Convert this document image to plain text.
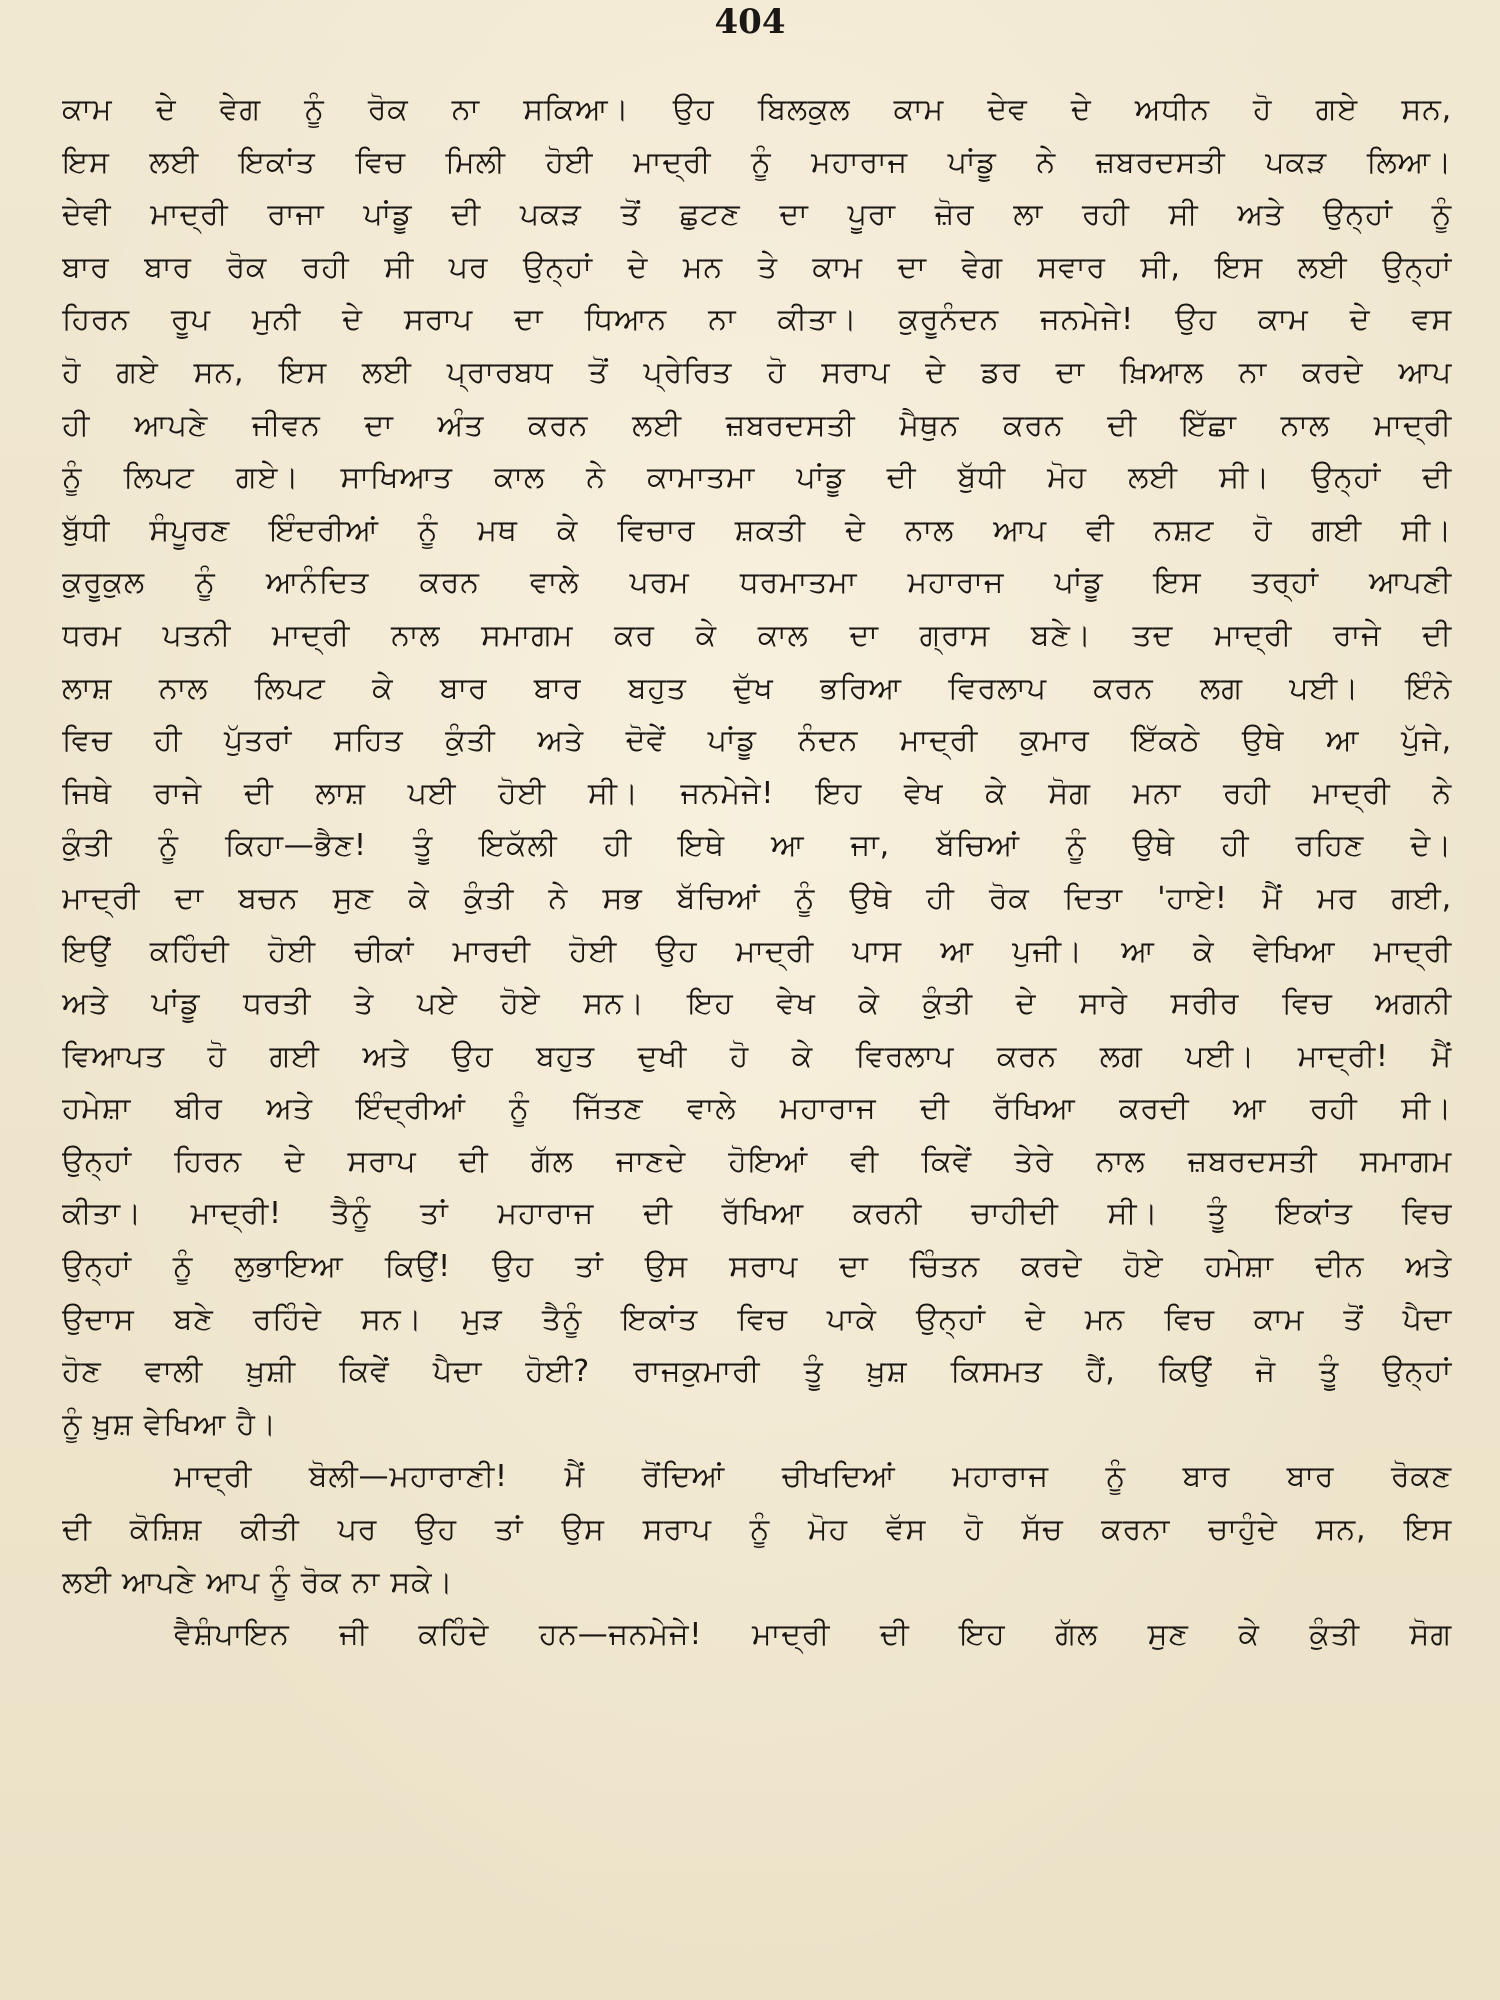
404
ਕਾਮ ਦੇ ਵੇਗ ਨੂੰ ਰੋਕ ਨਾ ਸਕਿਆ। ਉਹ ਬਿਲਕੁਲ ਕਾਮ ਦੇਵ ਦੇ ਅਧੀਨ ਹੋ ਗਏ ਸਨ,
ਇਸ ਲਈ ਇਕਾਂਤ ਵਿਚ ਮਿਲੀ ਹੋਈ ਮਾਦ੍ਰੀ ਨੂੰ ਮਹਾਰਾਜ ਪਾਂਡੂ ਨੇ ਜ਼ਬਰਦਸਤੀ ਪਕੜ ਲਿਆ।
ਦੇਵੀ ਮਾਦ੍ਰੀ ਰਾਜਾ ਪਾਂਡੂ ਦੀ ਪਕੜ ਤੋਂ ਛੁਟਣ ਦਾ ਪੂਰਾ ਜ਼ੋਰ ਲਾ ਰਹੀ ਸੀ ਅਤੇ ਉਨ੍ਹਾਂ ਨੂੰ
ਬਾਰ ਬਾਰ ਰੋਕ ਰਹੀ ਸੀ ਪਰ ਉਨ੍ਹਾਂ ਦੇ ਮਨ ਤੇ ਕਾਮ ਦਾ ਵੇਗ ਸਵਾਰ ਸੀ, ਇਸ ਲਈ ਉਨ੍ਹਾਂ
ਹਿਰਨ ਰੂਪ ਮੁਨੀ ਦੇ ਸਰਾਪ ਦਾ ਧਿਆਨ ਨਾ ਕੀਤਾ। ਕੁਰੂਨੰਦਨ ਜਨਮੇਜੇ! ਉਹ ਕਾਮ ਦੇ ਵਸ
ਹੋ ਗਏ ਸਨ, ਇਸ ਲਈ ਪ੍ਰਾਰਬਧ ਤੋਂ ਪ੍ਰੇਰਿਤ ਹੋ ਸਰਾਪ ਦੇ ਡਰ ਦਾ ਖ਼ਿਆਲ ਨਾ ਕਰਦੇ ਆਪ
ਹੀ ਆਪਣੇ ਜੀਵਨ ਦਾ ਅੰਤ ਕਰਨ ਲਈ ਜ਼ਬਰਦਸਤੀ ਮੈਥੁਨ ਕਰਨ ਦੀ ਇੱਛਾ ਨਾਲ ਮਾਦ੍ਰੀ
ਨੂੰ ਲਿਪਟ ਗਏ। ਸਾਖਿਆਤ ਕਾਲ ਨੇ ਕਾਮਾਤਮਾ ਪਾਂਡੂ ਦੀ ਬੁੱਧੀ ਮੋਹ ਲਈ ਸੀ। ਉਨ੍ਹਾਂ ਦੀ
ਬੁੱਧੀ ਸੰਪੂਰਣ ਇੰਦਰੀਆਂ ਨੂੰ ਮਥ ਕੇ ਵਿਚਾਰ ਸ਼ਕਤੀ ਦੇ ਨਾਲ ਆਪ ਵੀ ਨਸ਼ਟ ਹੋ ਗਈ ਸੀ।
ਕੁਰੂਕੁਲ ਨੂੰ ਆਨੰਦਿਤ ਕਰਨ ਵਾਲੇ ਪਰਮ ਧਰਮਾਤਮਾ ਮਹਾਰਾਜ ਪਾਂਡੂ ਇਸ ਤਰ੍ਹਾਂ ਆਪਣੀ
ਧਰਮ ਪਤਨੀ ਮਾਦ੍ਰੀ ਨਾਲ ਸਮਾਗਮ ਕਰ ਕੇ ਕਾਲ ਦਾ ਗ੍ਰਾਸ ਬਣੇ। ਤਦ ਮਾਦ੍ਰੀ ਰਾਜੇ ਦੀ
ਲਾਸ਼ ਨਾਲ ਲਿਪਟ ਕੇ ਬਾਰ ਬਾਰ ਬਹੁਤ ਦੁੱਖ ਭਰਿਆ ਵਿਰਲਾਪ ਕਰਨ ਲਗ ਪਈ। ਇੰਨੇ
ਵਿਚ ਹੀ ਪੁੱਤਰਾਂ ਸਹਿਤ ਕੁੰਤੀ ਅਤੇ ਦੋਵੇਂ ਪਾਂਡੂ ਨੰਦਨ ਮਾਦ੍ਰੀ ਕੁਮਾਰ ਇੱਕਠੇ ਉਥੇ ਆ ਪੁੱਜੇ,
ਜਿਥੇ ਰਾਜੇ ਦੀ ਲਾਸ਼ ਪਈ ਹੋਈ ਸੀ। ਜਨਮੇਜੇ! ਇਹ ਵੇਖ ਕੇ ਸੋਗ ਮਨਾ ਰਹੀ ਮਾਦ੍ਰੀ ਨੇ
ਕੁੰਤੀ ਨੂੰ ਕਿਹਾ—ਭੈਣ! ਤੂੰ ਇਕੱਲੀ ਹੀ ਇਥੇ ਆ ਜਾ, ਬੱਚਿਆਂ ਨੂੰ ਉਥੇ ਹੀ ਰਹਿਣ ਦੇ।
ਮਾਦ੍ਰੀ ਦਾ ਬਚਨ ਸੁਣ ਕੇ ਕੁੰਤੀ ਨੇ ਸਭ ਬੱਚਿਆਂ ਨੂੰ ਉਥੇ ਹੀ ਰੋਕ ਦਿਤਾ 'ਹਾਏ! ਮੈਂ ਮਰ ਗਈ,
ਇਉਂ ਕਹਿੰਦੀ ਹੋਈ ਚੀਕਾਂ ਮਾਰਦੀ ਹੋਈ ਉਹ ਮਾਦ੍ਰੀ ਪਾਸ ਆ ਪੁਜੀ। ਆ ਕੇ ਵੇਖਿਆ ਮਾਦ੍ਰੀ
ਅਤੇ ਪਾਂਡੂ ਧਰਤੀ ਤੇ ਪਏ ਹੋਏ ਸਨ। ਇਹ ਵੇਖ ਕੇ ਕੁੰਤੀ ਦੇ ਸਾਰੇ ਸਰੀਰ ਵਿਚ ਅਗਨੀ
ਵਿਆਪਤ ਹੋ ਗਈ ਅਤੇ ਉਹ ਬਹੁਤ ਦੁਖੀ ਹੋ ਕੇ ਵਿਰਲਾਪ ਕਰਨ ਲਗ ਪਈ। ਮਾਦ੍ਰੀ! ਮੈਂ
ਹਮੇਸ਼ਾ ਬੀਰ ਅਤੇ ਇੰਦ੍ਰੀਆਂ ਨੂੰ ਜਿੱਤਣ ਵਾਲੇ ਮਹਾਰਾਜ ਦੀ ਰੱਖਿਆ ਕਰਦੀ ਆ ਰਹੀ ਸੀ।
ਉਨ੍ਹਾਂ ਹਿਰਨ ਦੇ ਸਰਾਪ ਦੀ ਗੱਲ ਜਾਣਦੇ ਹੋਇਆਂ ਵੀ ਕਿਵੇਂ ਤੇਰੇ ਨਾਲ ਜ਼ਬਰਦਸਤੀ ਸਮਾਗਮ
ਕੀਤਾ। ਮਾਦ੍ਰੀ! ਤੈਨੂੰ ਤਾਂ ਮਹਾਰਾਜ ਦੀ ਰੱਖਿਆ ਕਰਨੀ ਚਾਹੀਦੀ ਸੀ। ਤੂੰ ਇਕਾਂਤ ਵਿਚ
ਉਨ੍ਹਾਂ ਨੂੰ ਲੁਭਾਇਆ ਕਿਉਂ! ਉਹ ਤਾਂ ਉਸ ਸਰਾਪ ਦਾ ਚਿੰਤਨ ਕਰਦੇ ਹੋਏ ਹਮੇਸ਼ਾ ਦੀਨ ਅਤੇ
ਉਦਾਸ ਬਣੇ ਰਹਿੰਦੇ ਸਨ। ਮੁੜ ਤੈਨੂੰ ਇਕਾਂਤ ਵਿਚ ਪਾਕੇ ਉਨ੍ਹਾਂ ਦੇ ਮਨ ਵਿਚ ਕਾਮ ਤੋਂ ਪੈਦਾ
ਹੋਣ ਵਾਲੀ ਖ਼ੁਸ਼ੀ ਕਿਵੇਂ ਪੈਦਾ ਹੋਈ? ਰਾਜਕੁਮਾਰੀ ਤੂੰ ਖ਼ੁਸ਼ ਕਿਸਮਤ ਹੈਂ, ਕਿਉਂ ਜੋ ਤੂੰ ਉਨ੍ਹਾਂ
ਨੂੰ ਖ਼ੁਸ਼ ਵੇਖਿਆ ਹੈ।
ਮਾਦ੍ਰੀ ਬੋਲੀ—ਮਹਾਰਾਣੀ! ਮੈਂ ਰੋਂਦਿਆਂ ਚੀਖਦਿਆਂ ਮਹਾਰਾਜ ਨੂੰ ਬਾਰ ਬਾਰ ਰੋਕਣ
ਦੀ ਕੋਸ਼ਿਸ਼ ਕੀਤੀ ਪਰ ਉਹ ਤਾਂ ਉਸ ਸਰਾਪ ਨੂੰ ਮੋਹ ਵੱਸ ਹੋ ਸੱਚ ਕਰਨਾ ਚਾਹੁੰਦੇ ਸਨ, ਇਸ
ਲਈ ਆਪਣੇ ਆਪ ਨੂੰ ਰੋਕ ਨਾ ਸਕੇ।
ਵੈਸ਼ੰਪਾਇਨ ਜੀ ਕਹਿੰਦੇ ਹਨ—ਜਨਮੇਜੇ! ਮਾਦ੍ਰੀ ਦੀ ਇਹ ਗੱਲ ਸੁਣ ਕੇ ਕੁੰਤੀ ਸੋਗ
